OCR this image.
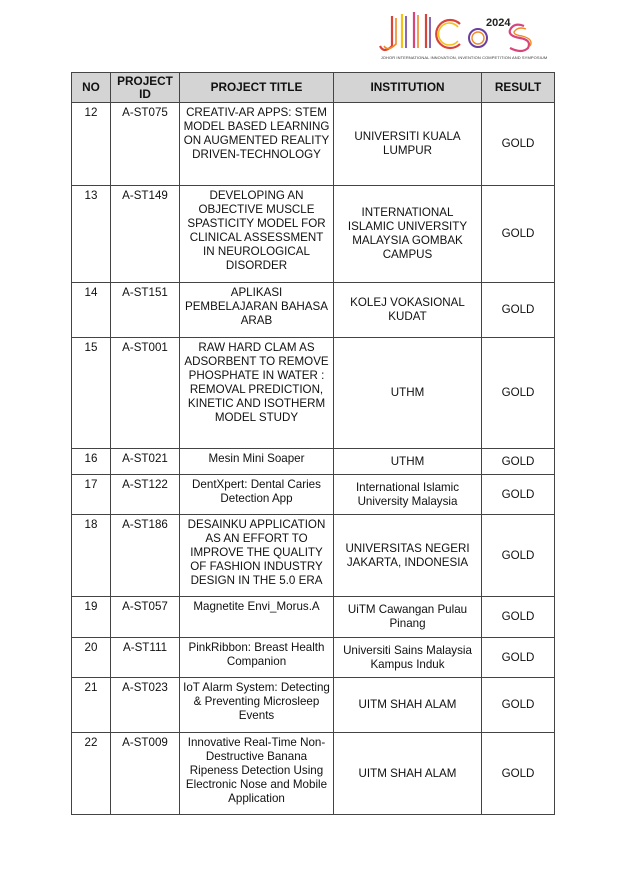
2024
JOHOR INTERNATIONAL INNOVATION, INVENTION COMPETITION AND SYMPOSIUM
NO	PROJECT ID	PROJECT TITLE	INSTITUTION	RESULT
12	A-ST075	CREATIV-AR APPS: STEM MODEL BASED LEARNING ON AUGMENTED REALITY DRIVEN-TECHNOLOGY	UNIVERSITI KUALA LUMPUR	GOLD
13	A-ST149	DEVELOPING AN OBJECTIVE MUSCLE SPASTICITY MODEL FOR CLINICAL ASSESSMENT IN NEUROLOGICAL DISORDER	INTERNATIONAL ISLAMIC UNIVERSITY MALAYSIA GOMBAK CAMPUS	GOLD
14	A-ST151	APLIKASI PEMBELAJARAN BAHASA ARAB	KOLEJ VOKASIONAL KUDAT	GOLD
15	A-ST001	RAW HARD CLAM AS ADSORBENT TO REMOVE PHOSPHATE IN WATER : REMOVAL PREDICTION, KINETIC AND ISOTHERM MODEL STUDY	UTHM	GOLD
16	A-ST021	Mesin Mini Soaper	UTHM	GOLD
17	A-ST122	DentXpert: Dental Caries Detection App	International Islamic University Malaysia	GOLD
18	A-ST186	DESAINKU APPLICATION AS AN EFFORT TO IMPROVE THE QUALITY OF FASHION INDUSTRY DESIGN IN THE 5.0 ERA	UNIVERSITAS NEGERI JAKARTA, INDONESIA	GOLD
19	A-ST057	Magnetite Envi_Morus.A	UiTM Cawangan Pulau Pinang	GOLD
20	A-ST111	PinkRibbon: Breast Health Companion	Universiti Sains Malaysia Kampus Induk	GOLD
21	A-ST023	IoT Alarm System: Detecting & Preventing Microsleep Events	UITM SHAH ALAM	GOLD
22	A-ST009	Innovative Real-Time Non-Destructive Banana Ripeness Detection Using Electronic Nose and Mobile Application	UITM SHAH ALAM	GOLD
